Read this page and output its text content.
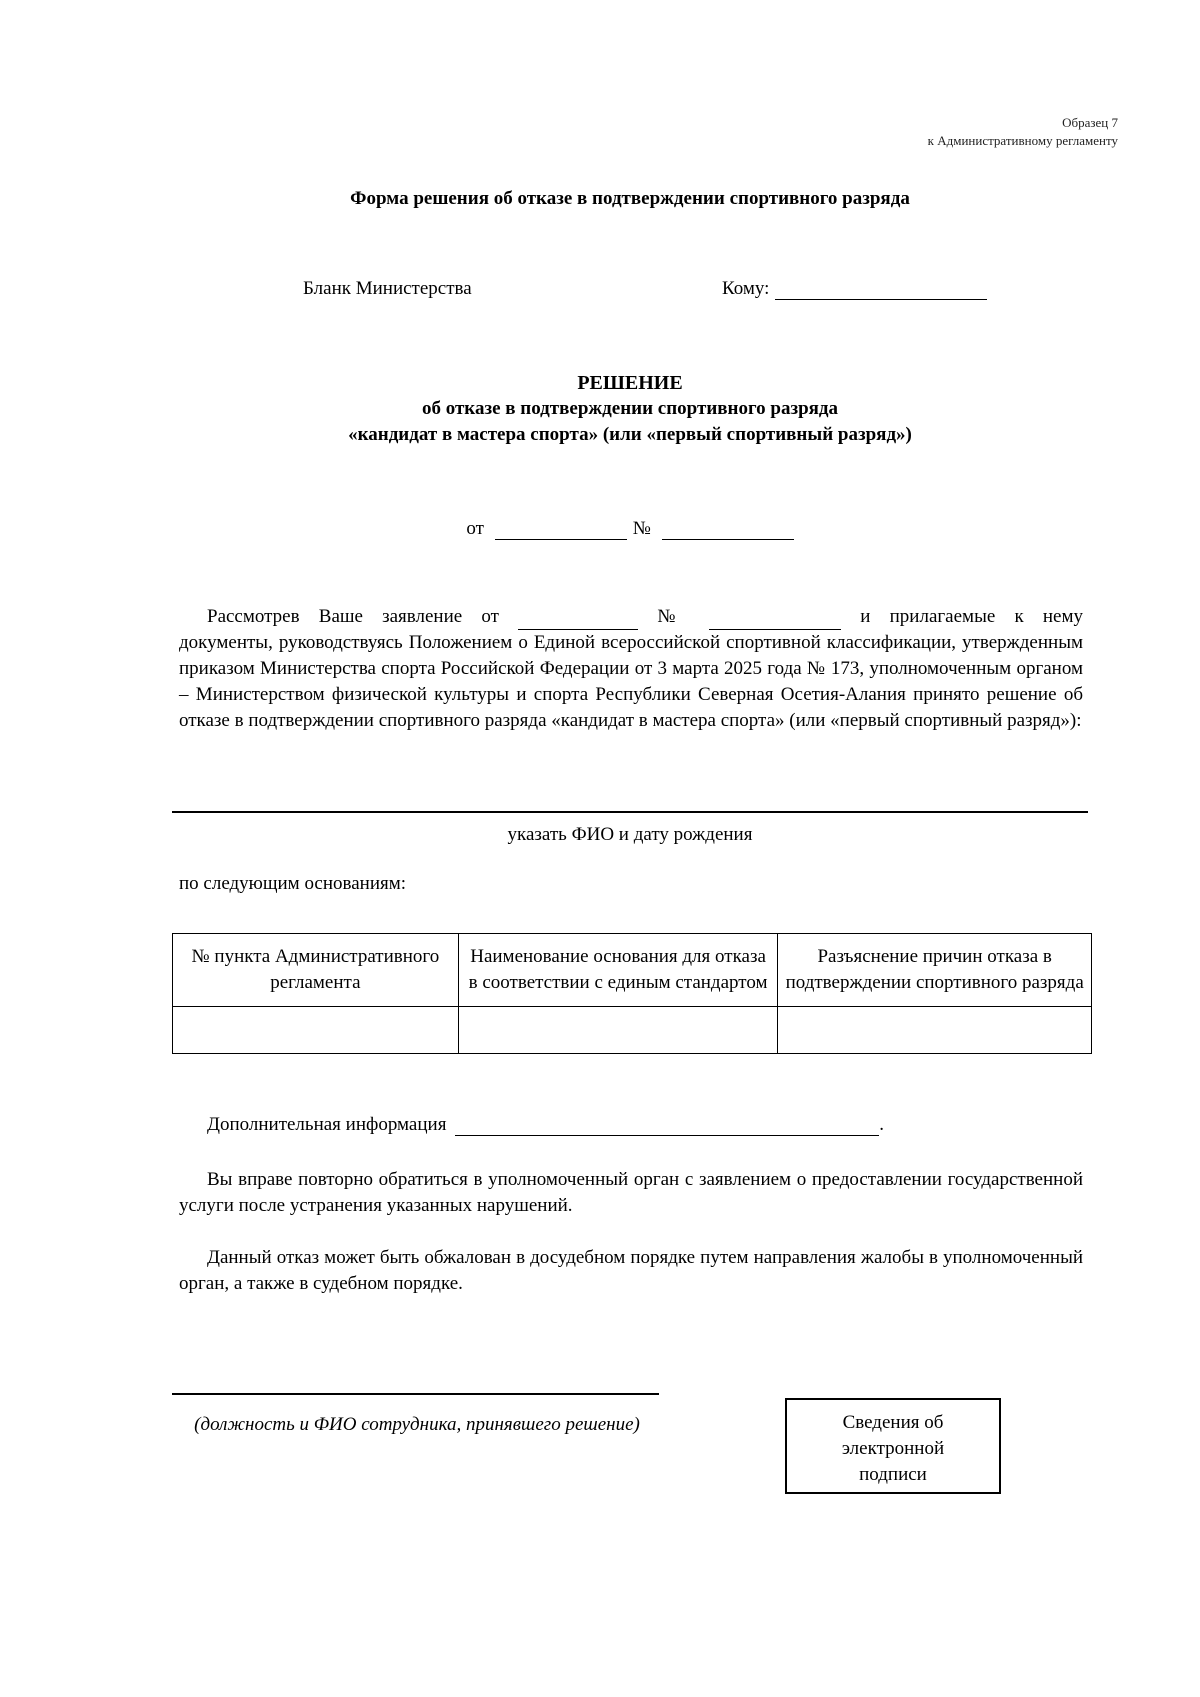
Образец 7
к Административному регламенту
Форма решения об отказе в подтверждении спортивного разряда
Бланк Министерства	Кому:
РЕШЕНИЕ
об отказе в подтверждении спортивного разряда
«кандидат в мастера спорта» (или «первый спортивный разряд»)
от	№
Рассмотрев Ваше заявление от	№	и прилагаемые к нему
документы, руководствуясь Положением о Единой всероссийской спортивной классификации, утвержденным приказом Министерства спорта Российской Федерации от 3 марта 2025 года № 173, уполномоченным органом – Министерством физической культуры и спорта Республики Северная Осетия-Алания принято решение об отказе в подтверждении спортивного разряда «кандидат в мастера спорта» (или «первый спортивный разряд»):
указать ФИО и дату рождения
по следующим основаниям:
№ пункта Административного регламента	Наименование основания для отказа в соответствии с единым стандартом	Разъяснение причин отказа в подтверждении спортивного разряда

Дополнительная информация	.
Вы вправе повторно обратиться в уполномоченный орган с заявлением о предоставлении государственной услуги после устранения указанных нарушений.
Данный отказ может быть обжалован в досудебном порядке путем направления жалобы в уполномоченный орган, а также в судебном порядке.
(должность и ФИО сотрудника, принявшего решение)	Сведения об электронной подписи
